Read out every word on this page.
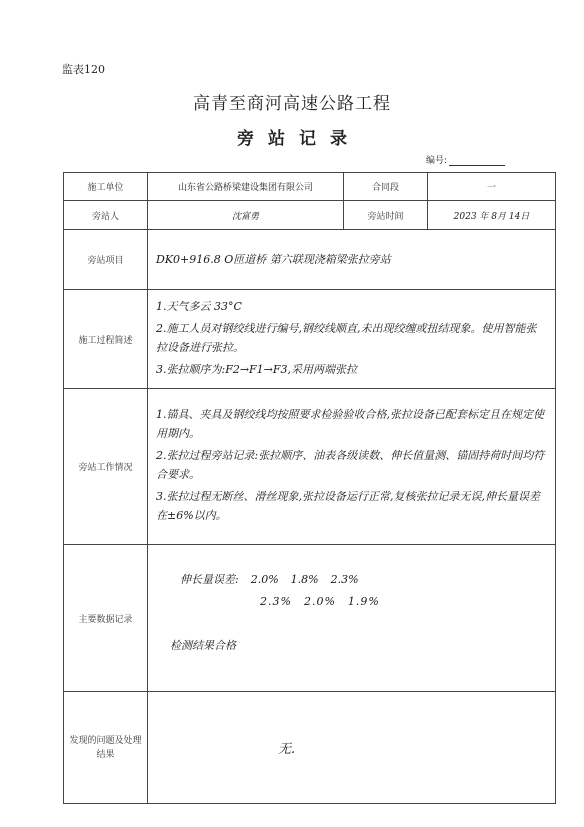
监表120
高青至商河高速公路工程
旁站记录
编号:
施工单位	山东省公路桥梁建设集团有限公司	合同段	一
旁站人	沈富勇	旁站时间	2023 年 8月 14日
旁站项目	DK0+916.8 O匝道桥 第六联现浇箱梁张拉旁站		

施工过程简述	1.天气多云 33°C

2.施工人员对钢绞线进行编号,钢绞线顺直,未出现绞缠或扭结现象。使用智能张拉设备进行张拉。

3.张拉顺序为:F2→F1→F3,采用两端张拉		

旁站工作情况	1.锚具、夹具及钢绞线均按照要求检验验收合格,张拉设备已配套标定且在规定使用期内。

2.张拉过程旁站记录:张拉顺序、油表各级读数、伸长值量测、锚固持荷时间均符合要求。

3.张拉过程无断丝、滑丝现象,张拉设备运行正常,复核张拉记录无误,伸长量误差在±6%以内。		

主要数据记录	伸长量误差: 2.0% 1.8% 2.3%
2.3% 2.0% 1.9%
检测结果合格		

发现的问题及处理结果	无.		
